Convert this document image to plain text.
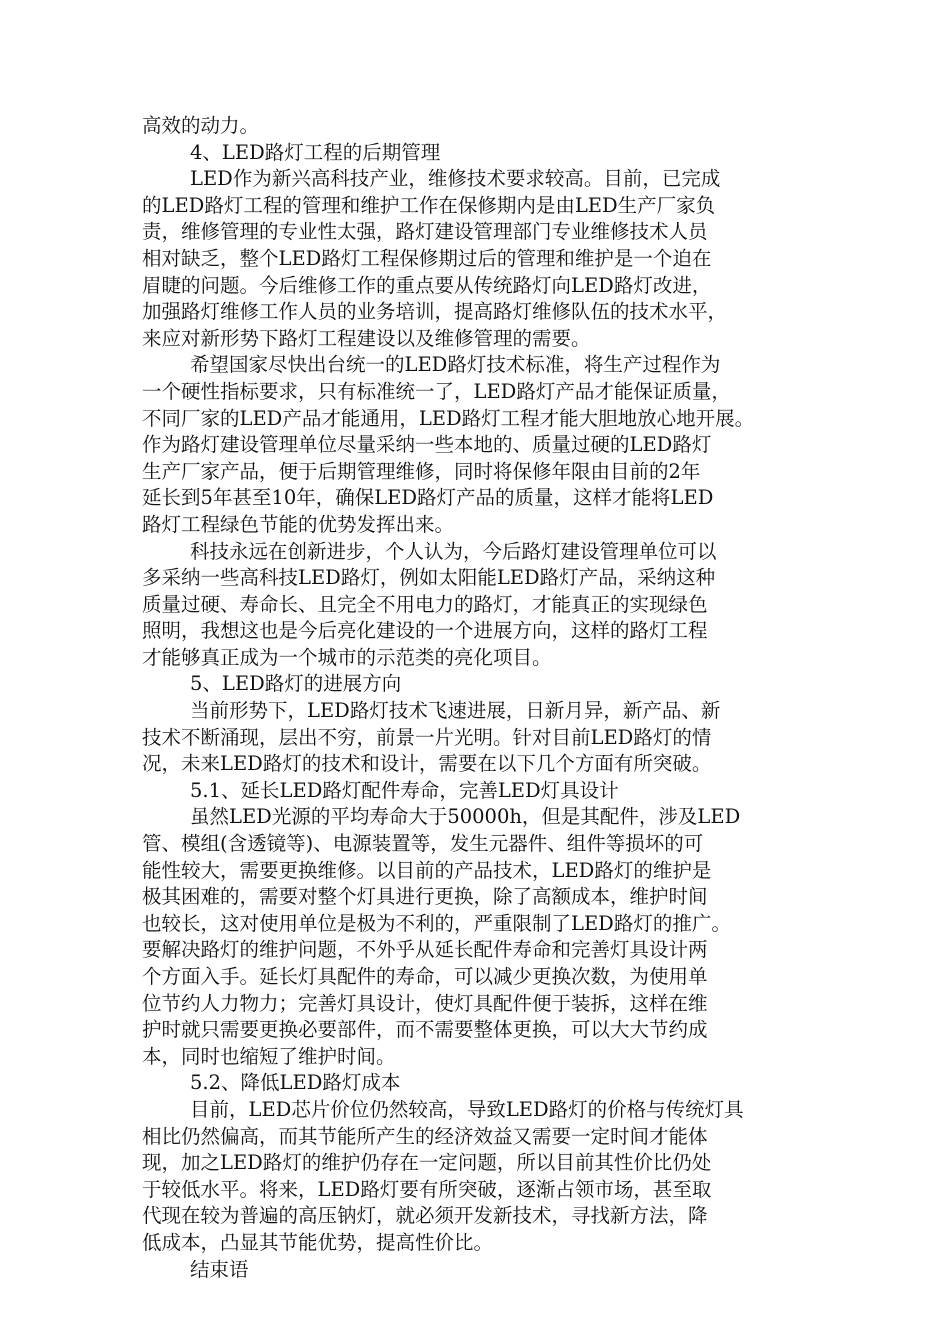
高效的动力。
4、LED路灯工程的后期管理
LED作为新兴高科技产业，维修技术要求较高。目前，已完成
的LED路灯工程的管理和维护工作在保修期内是由LED生产厂家负
责，维修管理的专业性太强，路灯建设管理部门专业维修技术人员
相对缺乏，整个LED路灯工程保修期过后的管理和维护是一个迫在
眉睫的问题。今后维修工作的重点要从传统路灯向LED路灯改进，
加强路灯维修工作人员的业务培训，提高路灯维修队伍的技术水平，
来应对新形势下路灯工程建设以及维修管理的需要。
希望国家尽快出台统一的LED路灯技术标准，将生产过程作为
一个硬性指标要求，只有标准统一了，LED路灯产品才能保证质量，
不同厂家的LED产品才能通用，LED路灯工程才能大胆地放心地开展。
作为路灯建设管理单位尽量采纳一些本地的、质量过硬的LED路灯
生产厂家产品，便于后期管理维修，同时将保修年限由目前的2年
延长到5年甚至10年，确保LED路灯产品的质量，这样才能将LED
路灯工程绿色节能的优势发挥出来。
科技永远在创新进步，个人认为，今后路灯建设管理单位可以
多采纳一些高科技LED路灯，例如太阳能LED路灯产品，采纳这种
质量过硬、寿命长、且完全不用电力的路灯，才能真正的实现绿色
照明，我想这也是今后亮化建设的一个进展方向，这样的路灯工程
才能够真正成为一个城市的示范类的亮化项目。
5、LED路灯的进展方向
当前形势下，LED路灯技术飞速进展，日新月异，新产品、新
技术不断涌现，层出不穷，前景一片光明。针对目前LED路灯的情
况，未来LED路灯的技术和设计，需要在以下几个方面有所突破。
5.1、延长LED路灯配件寿命，完善LED灯具设计
虽然LED光源的平均寿命大于50000h，但是其配件，涉及LED
管、模组(含透镜等)、电源装置等，发生元器件、组件等损坏的可
能性较大，需要更换维修。以目前的产品技术，LED路灯的维护是
极其困难的，需要对整个灯具进行更换，除了高额成本，维护时间
也较长，这对使用单位是极为不利的，严重限制了LED路灯的推广。
要解决路灯的维护问题，不外乎从延长配件寿命和完善灯具设计两
个方面入手。延长灯具配件的寿命，可以减少更换次数，为使用单
位节约人力物力；完善灯具设计，使灯具配件便于装拆，这样在维
护时就只需要更换必要部件，而不需要整体更换，可以大大节约成
本，同时也缩短了维护时间。
5.2、降低LED路灯成本
目前，LED芯片价位仍然较高，导致LED路灯的价格与传统灯具
相比仍然偏高，而其节能所产生的经济效益又需要一定时间才能体
现，加之LED路灯的维护仍存在一定问题，所以目前其性价比仍处
于较低水平。将来，LED路灯要有所突破，逐渐占领市场，甚至取
代现在较为普遍的高压钠灯，就必须开发新技术，寻找新方法，降
低成本，凸显其节能优势，提高性价比。
结束语
